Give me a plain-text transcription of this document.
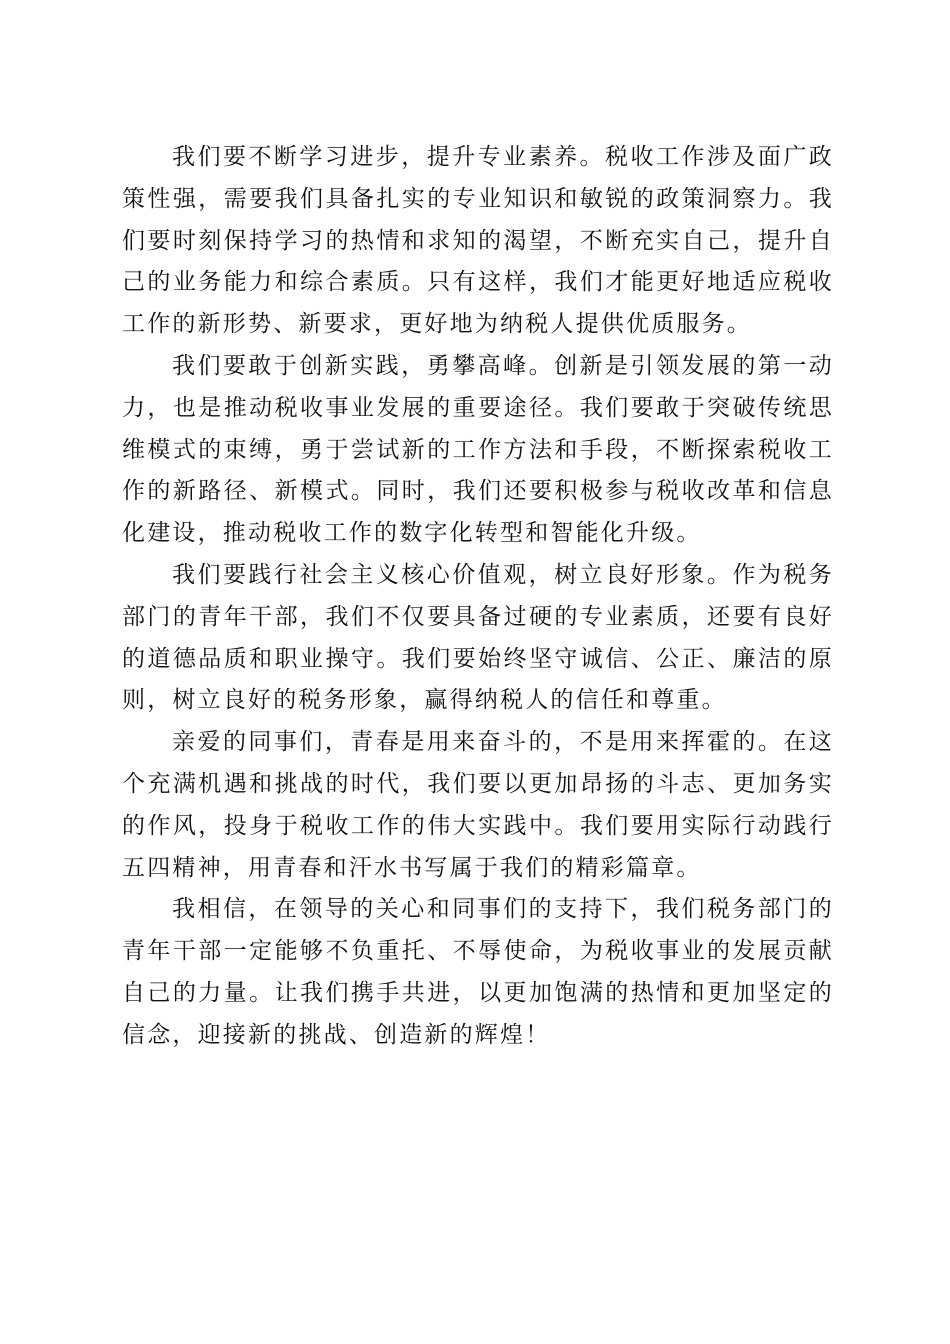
我们要不断学习进步，提升专业素养。税收工作涉及面广政策性强，需要我们具备扎实的专业知识和敏锐的政策洞察力。我们要时刻保持学习的热情和求知的渴望，不断充实自己，提升自己的业务能力和综合素质。只有这样，我们才能更好地适应税收工作的新形势、新要求，更好地为纳税人提供优质服务。

我们要敢于创新实践，勇攀高峰。创新是引领发展的第一动力，也是推动税收事业发展的重要途径。我们要敢于突破传统思维模式的束缚，勇于尝试新的工作方法和手段，不断探索税收工作的新路径、新模式。同时，我们还要积极参与税收改革和信息化建设，推动税收工作的数字化转型和智能化升级。

我们要践行社会主义核心价值观，树立良好形象。作为税务部门的青年干部，我们不仅要具备过硬的专业素质，还要有良好的道德品质和职业操守。我们要始终坚守诚信、公正、廉洁的原则，树立良好的税务形象，赢得纳税人的信任和尊重。

亲爱的同事们，青春是用来奋斗的，不是用来挥霍的。在这个充满机遇和挑战的时代，我们要以更加昂扬的斗志、更加务实的作风，投身于税收工作的伟大实践中。我们要用实际行动践行五四精神，用青春和汗水书写属于我们的精彩篇章。

我相信，在领导的关心和同事们的支持下，我们税务部门的青年干部一定能够不负重托、不辱使命，为税收事业的发展贡献自己的力量。让我们携手共进，以更加饱满的热情和更加坚定的信念，迎接新的挑战、创造新的辉煌！
